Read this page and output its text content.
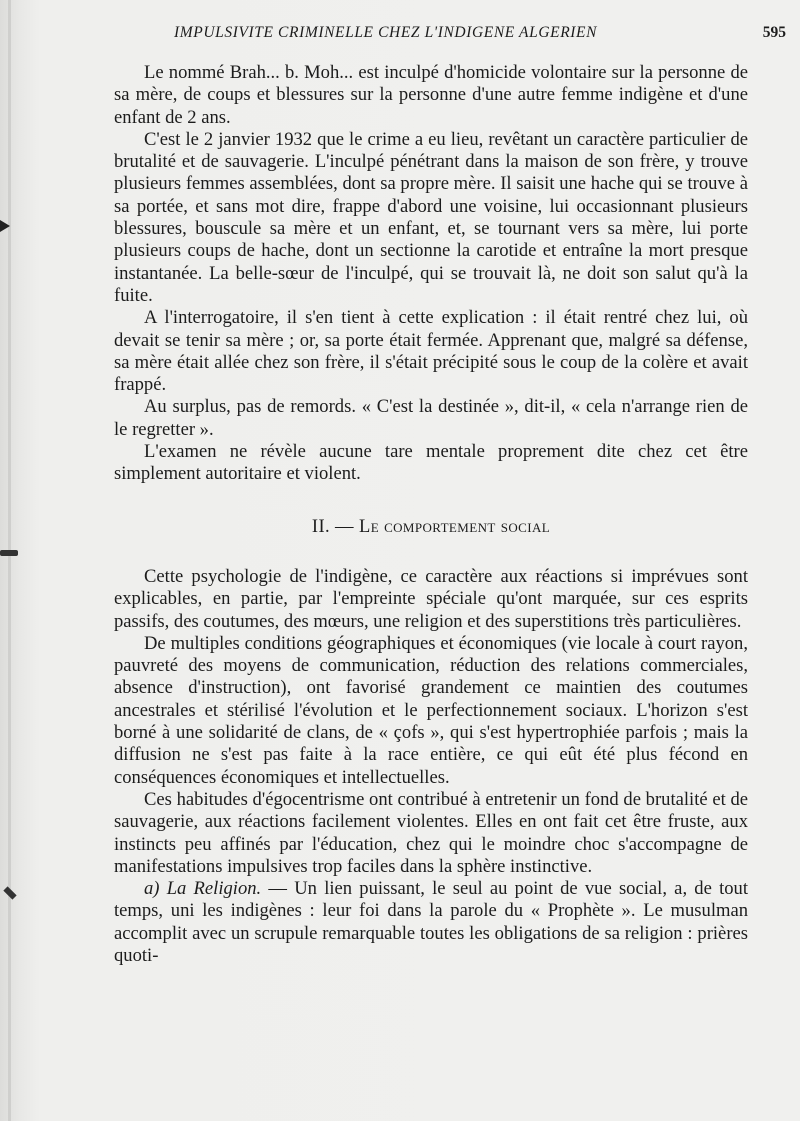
IMPULSIVITE CRIMINELLE CHEZ L'INDIGENE ALGERIEN	595

Le nommé Brah... b. Moh... est inculpé d'homicide volontaire sur la personne de sa mère, de coups et blessures sur la personne d'une autre femme indigène et d'une enfant de 2 ans.

C'est le 2 janvier 1932 que le crime a eu lieu, revêtant un caractère particulier de brutalité et de sauvagerie. L'inculpé pénétrant dans la maison de son frère, y trouve plusieurs femmes assemblées, dont sa propre mère. Il saisit une hache qui se trouve à sa portée, et sans mot dire, frappe d'abord une voisine, lui occasionnant plusieurs blessures, bouscule sa mère et un enfant, et, se tournant vers sa mère, lui porte plusieurs coups de hache, dont un sectionne la carotide et entraîne la mort presque instantanée. La belle-sœur de l'inculpé, qui se trouvait là, ne doit son salut qu'à la fuite.

A l'interrogatoire, il s'en tient à cette explication : il était rentré chez lui, où devait se tenir sa mère ; or, sa porte était fermée. Apprenant que, malgré sa défense, sa mère était allée chez son frère, il s'était précipité sous le coup de la colère et avait frappé.

Au surplus, pas de remords. « C'est la destinée », dit-il, « cela n'arrange rien de le regretter ».

L'examen ne révèle aucune tare mentale proprement dite chez cet être simplement autoritaire et violent.

II. — Le comportement social

Cette psychologie de l'indigène, ce caractère aux réactions si imprévues sont explicables, en partie, par l'empreinte spéciale qu'ont marquée, sur ces esprits passifs, des coutumes, des mœurs, une religion et des superstitions très particulières.

De multiples conditions géographiques et économiques (vie locale à court rayon, pauvreté des moyens de communication, réduction des relations commerciales, absence d'instruction), ont favorisé grandement ce maintien des coutumes ancestrales et stérilisé l'évolution et le perfectionnement sociaux. L'horizon s'est borné à une solidarité de clans, de « çofs », qui s'est hypertrophiée parfois ; mais la diffusion ne s'est pas faite à la race entière, ce qui eût été plus fécond en conséquences économiques et intellectuelles.

Ces habitudes d'égocentrisme ont contribué à entretenir un fond de brutalité et de sauvagerie, aux réactions facilement violentes. Elles en ont fait cet être fruste, aux instincts peu affinés par l'éducation, chez qui le moindre choc s'accompagne de manifestations impulsives trop faciles dans la sphère instinctive.

a) La Religion. — Un lien puissant, le seul au point de vue social, a, de tout temps, uni les indigènes : leur foi dans la parole du « Prophète ». Le musulman accomplit avec un scrupule remarquable toutes les obligations de sa religion : prières quoti-
